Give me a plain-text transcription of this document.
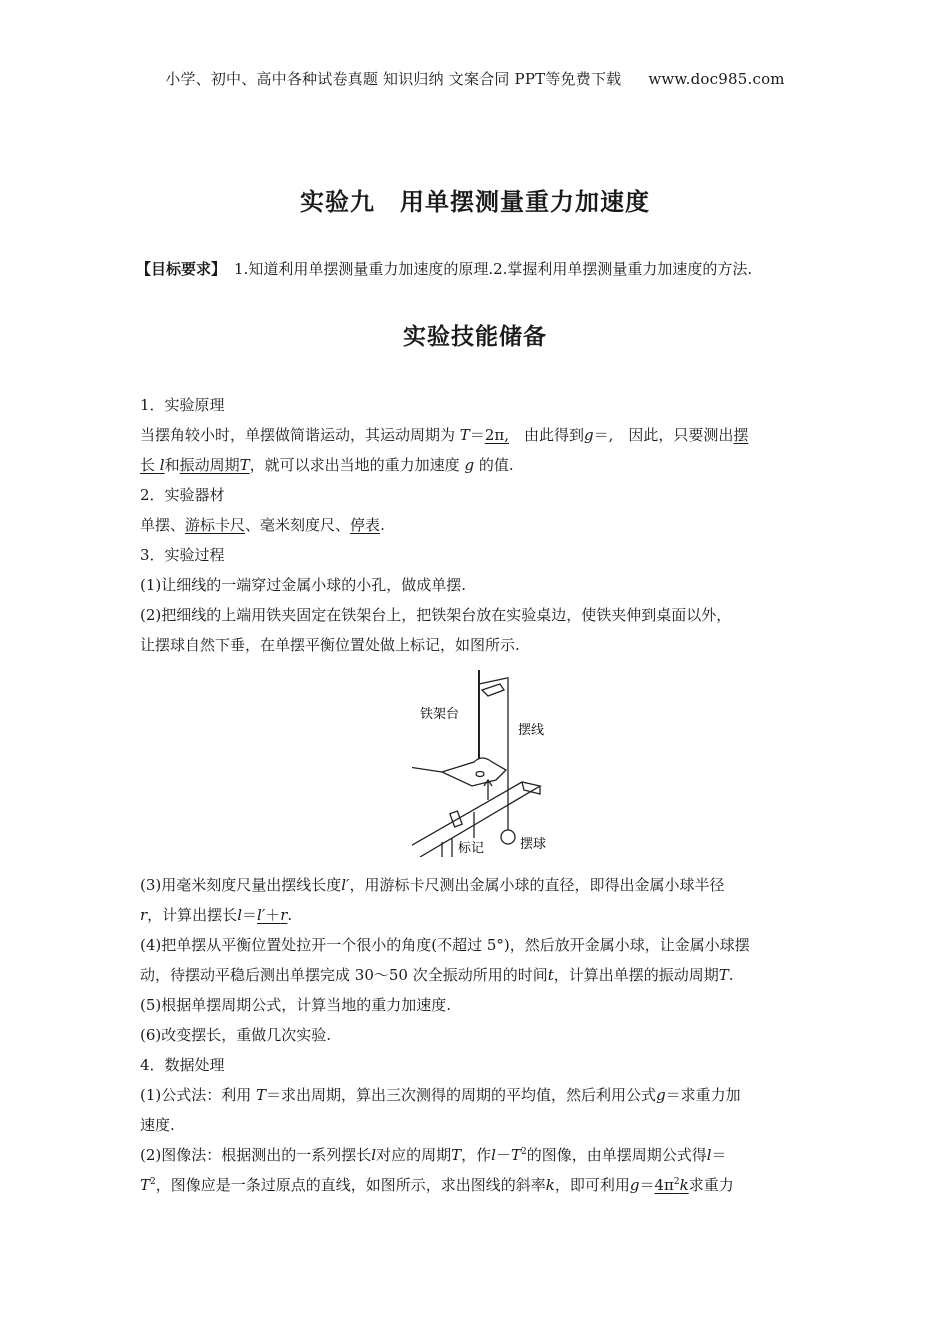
小学、初中、高中各种试卷真题 知识归纳 文案合同 PPT等免费下载 www.doc985.com
实验九　用单摆测量重力加速度
【目标要求】 1.知道利用单摆测量重力加速度的原理.2.掌握利用单摆测量重力加速度的方法.
实验技能储备

1．实验原理

当摆角较小时，单摆做简谐运动，其运动周期为 T＝2π,　 由此得到g＝,　 因此，只要测出摆

长 l和振动周期T，就可以求出当地的重力加速度 g 的值.

2．实验器材

单摆、游标卡尺、毫米刻度尺、停表.

3．实验过程

(1)让细线的一端穿过金属小球的小孔，做成单摆.

(2)把细线的上端用铁夹固定在铁架台上，把铁架台放在实验桌边，使铁夹伸到桌面以外，

让摆球自然下垂，在单摆平衡位置处做上标记，如图所示.

铁架台
摆线
标记	摆球

(3)用毫米刻度尺量出摆线长度l′，用游标卡尺测出金属小球的直径，即得出金属小球半径

r，计算出摆长l＝l′＋r.

(4)把单摆从平衡位置处拉开一个很小的角度(不超过 5°)，然后放开金属小球，让金属小球摆

动，待摆动平稳后测出单摆完成 30～50 次全振动所用的时间t，计算出单摆的振动周期T.

(5)根据单摆周期公式，计算当地的重力加速度.

(6)改变摆长，重做几次实验.

4．数据处理

(1)公式法：利用 T＝求出周期，算出三次测得的周期的平均值，然后利用公式g＝求重力加

速度.

(2)图像法：根据测出的一系列摆长l对应的周期T，作$l-T^2$的图像，由单摆周期公式得l＝

$T^2$，图像应是一条过原点的直线，如图所示，求出图线的斜率k，即可利用$g=4\pi^2k$求重力
